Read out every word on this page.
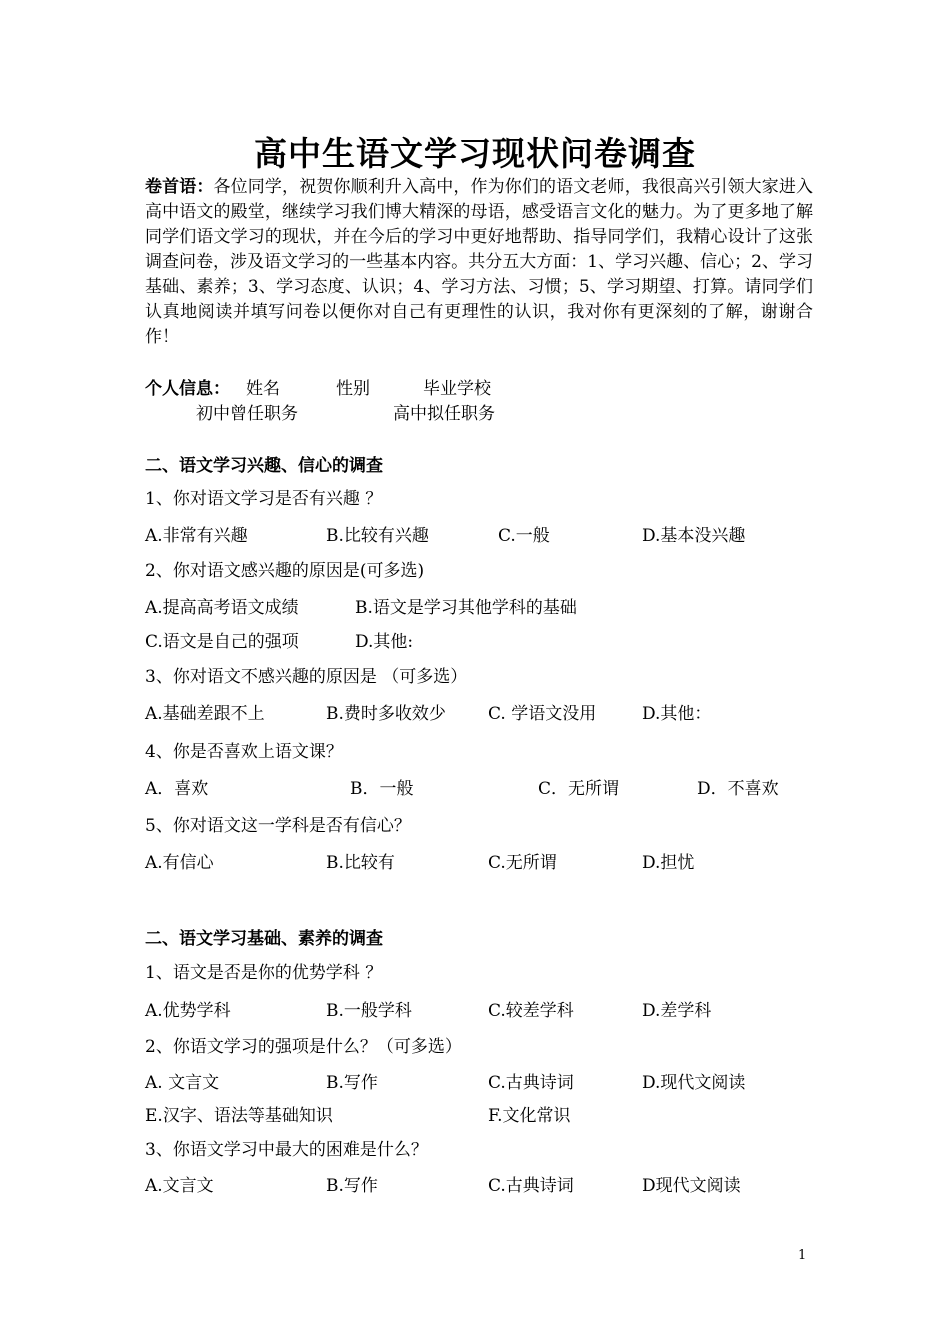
高中生语文学习现状问卷调查
卷首语：各位同学，祝贺你顺利升入高中，作为你们的语文老师，我很高兴引领大家进入高中语文的殿堂，继续学习我们博大精深的母语，感受语言文化的魅力。为了更多地了解同学们语文学习的现状，并在今后的学习中更好地帮助、指导同学们，我精心设计了这张调查问卷，涉及语文学习的一些基本内容。共分五大方面：1、学习兴趣、信心；2、学习基础、素养；3、学习态度、认识；4、学习方法、习惯；5、学习期望、打算。请同学们认真地阅读并填写问卷以便你对自己有更理性的认识，我对你有更深刻的了解，谢谢合作！
个人信息： 姓名	性别	毕业学校
初中曾任职务	高中拟任职务
二、语文学习兴趣、信心的调查
1、你对语文学习是否有兴趣 ？
A.非常有兴趣	B.比较有兴趣	C.一般	D.基本没兴趣
2、你对语文感兴趣的原因是(可多选)
A.提高高考语文成绩	B.语文是学习其他学科的基础
C.语文是自己的强项	D.其他:
3、你对语文不感兴趣的原因是 （可多选）
A.基础差跟不上	B.费时多收效少 C. 学语文没用	D.其他：
4、你是否喜欢上语文课？
A．喜欢	B．一般	C．无所谓	D．不喜欢
5、你对语文这一学科是否有信心？
A.有信心	B.比较有	C.无所谓	D.担忧
二、语文学习基础、素养的调查
1、语文是否是你的优势学科 ？
A.优势学科	B.一般学科	C.较差学科	D.差学科
2、你语文学习的强项是什么？（可多选）
A. 文言文	B.写作	C.古典诗词	D.现代文阅读
E.汉字、语法等基础知识	F.文化常识
3、你语文学习中最大的困难是什么？
A.文言文	B.写作	C.古典诗词	D现代文阅读
1
